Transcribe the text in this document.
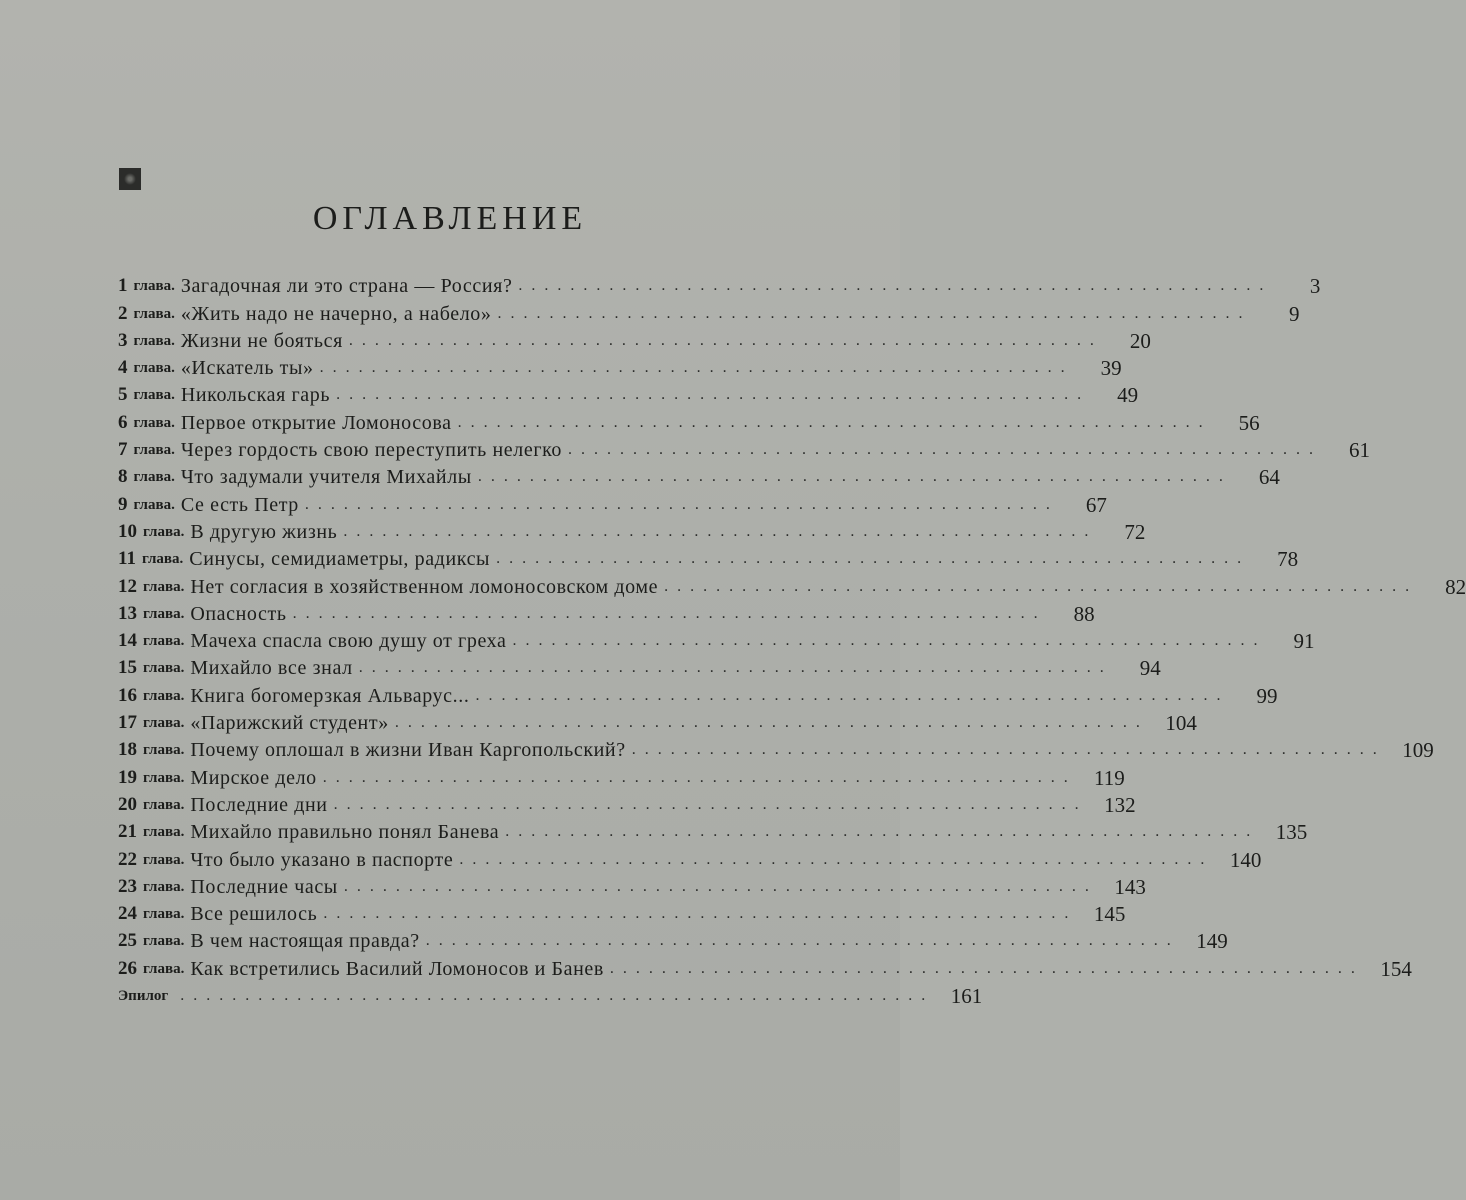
ОГЛАВЛЕНИЕ
1 глава. Загадочная ли это страна — Россия? ..........................................................	3
2 глава. «Жить надо не начерно, а набело» ..........................................................	9
3 глава. Жизни не бояться ..........................................................	20
4 глава. «Искатель ты» ..........................................................	39
5 глава. Никольская гарь ..........................................................	49
6 глава. Первое открытие Ломоносова ..........................................................	56
7 глава. Через гордость свою переступить нелегко ..........................................................	61
8 глава. Что задумали учителя Михайлы ..........................................................	64
9 глава. Се есть Петр ..........................................................	67
10 глава. В другую жизнь ..........................................................	72
11 глава. Синусы, семидиаметры, радиксы ..........................................................	78
12 глава. Нет согласия в хозяйственном ломоносовском доме ..........................................................	82
13 глава. Опасность ..........................................................	88
14 глава. Мачеха спасла свою душу от греха ..........................................................	91
15 глава. Михайло все знал ..........................................................	94
16 глава. Книга богомерзкая Альварус... ..........................................................	99
17 глава. «Парижский студент» .......................................................... 104
18 глава. Почему оплошал в жизни Иван Каргопольский? .......................................................... 109
19 глава. Мирское дело .......................................................... 119
20 глава. Последние дни .......................................................... 132
21 глава. Михайло правильно понял Банева .......................................................... 135
22 глава. Что было указано в паспорте .......................................................... 140
23 глава. Последние часы .......................................................... 143
24 глава. Все решилось .......................................................... 145
25 глава. В чем настоящая правда? .......................................................... 149
26 глава. Как встретились Василий Ломоносов и Банев .......................................................... 154
Эпилог .......................................................... 161
